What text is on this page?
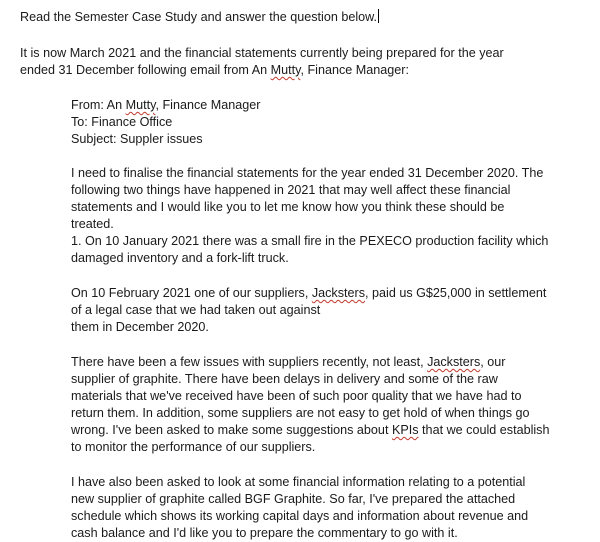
Read the Semester Case Study and answer the question below.

It is now March 2021 and the financial statements currently being prepared for the year

ended 31 December following email from An Mutty, Finance Manager:

From: An Mutty, Finance Manager

To: Finance Office

Subject: Suppler issues

I need to finalise the financial statements for the year ended 31 December 2020. The

following two things have happened in 2021 that may well affect these financial

statements and I would like you to let me know how you think these should be

treated.

1. On 10 January 2021 there was a small fire in the PEXECO production facility which

damaged inventory and a fork-lift truck.

On 10 February 2021 one of our suppliers, Jacksters, paid us G$25,000 in settlement

of a legal case that we had taken out against

them in December 2020.

There have been a few issues with suppliers recently, not least, Jacksters, our

supplier of graphite. There have been delays in delivery and some of the raw

materials that we've received have been of such poor quality that we have had to

return them. In addition, some suppliers are not easy to get hold of when things go

wrong. I've been asked to make some suggestions about KPIs that we could establish

to monitor the performance of our suppliers.

I have also been asked to look at some financial information relating to a potential

new supplier of graphite called BGF Graphite. So far, I've prepared the attached

schedule which shows its working capital days and information about revenue and

cash balance and I'd like you to prepare the commentary to go with it.
